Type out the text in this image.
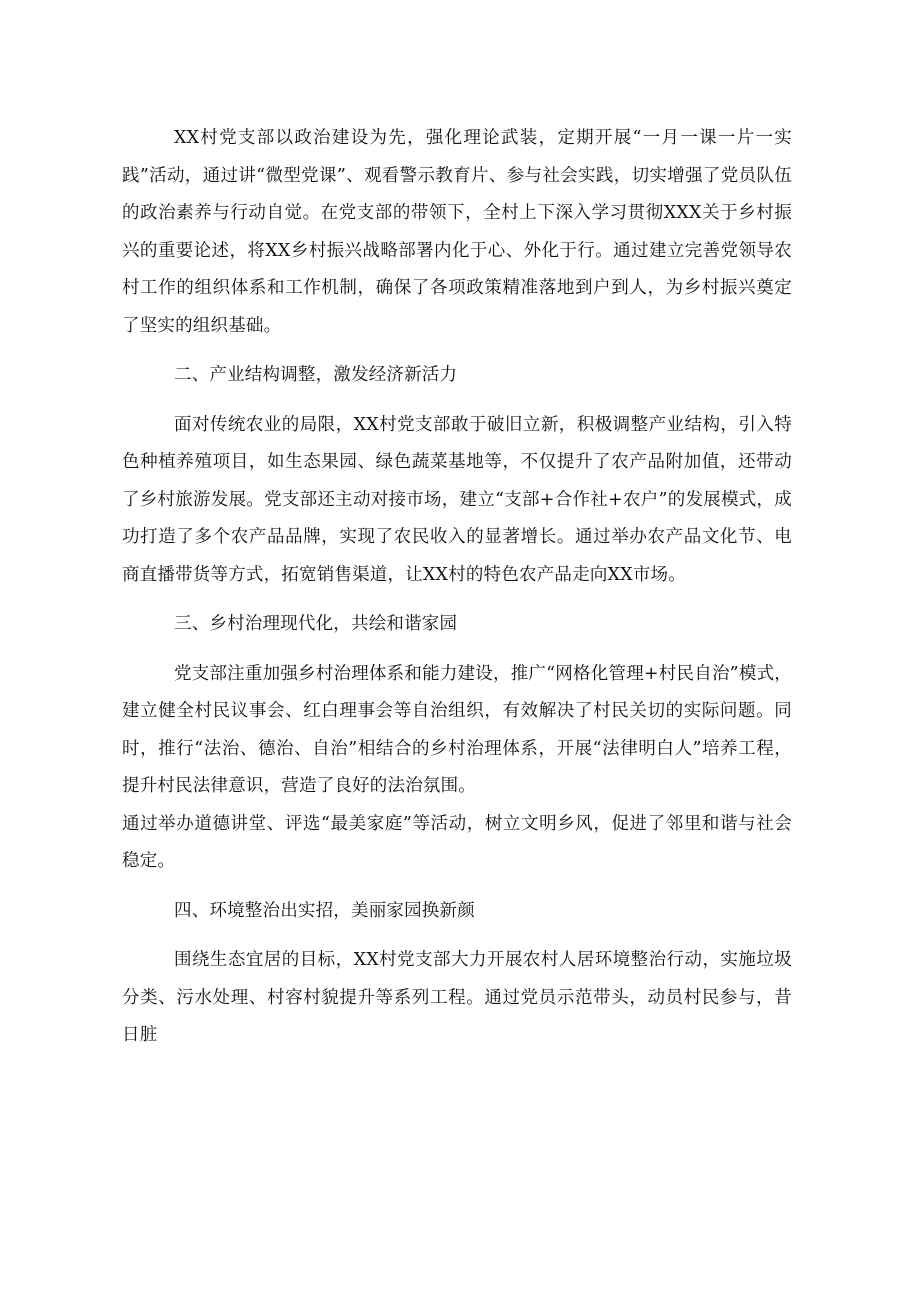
XX村党支部以政治建设为先，强化理论武装，定期开展“一月一课一片一实践”活动，通过讲“微型党课”、观看警示教育片、参与社会实践，切实增强了党员队伍的政治素养与行动自觉。在党支部的带领下，全村上下深入学习贯彻XXX关于乡村振兴的重要论述，将XX乡村振兴战略部署内化于心、外化于行。通过建立完善党领导农村工作的组织体系和工作机制，确保了各项政策精准落地到户到人，为乡村振兴奠定了坚实的组织基础。

二、产业结构调整，激发经济新活力

面对传统农业的局限，XX村党支部敢于破旧立新，积极调整产业结构，引入特色种植养殖项目，如生态果园、绿色蔬菜基地等，不仅提升了农产品附加值，还带动了乡村旅游发展。党支部还主动对接市场，建立“支部+合作社+农户”的发展模式，成功打造了多个农产品品牌，实现了农民收入的显著增长。通过举办农产品文化节、电商直播带货等方式，拓宽销售渠道，让XX村的特色农产品走向XX市场。

三、乡村治理现代化，共绘和谐家园

党支部注重加强乡村治理体系和能力建设，推广“网格化管理+村民自治”模式，建立健全村民议事会、红白理事会等自治组织，有效解决了村民关切的实际问题。同时，推行“法治、德治、自治”相结合的乡村治理体系，开展“法律明白人”培养工程，提升村民法律意识，营造了良好的法治氛围。

通过举办道德讲堂、评选“最美家庭”等活动，树立文明乡风，促进了邻里和谐与社会稳定。

四、环境整治出实招，美丽家园换新颜

围绕生态宜居的目标，XX村党支部大力开展农村人居环境整治行动，实施垃圾分类、污水处理、村容村貌提升等系列工程。通过党员示范带头，动员村民参与，昔日脏
